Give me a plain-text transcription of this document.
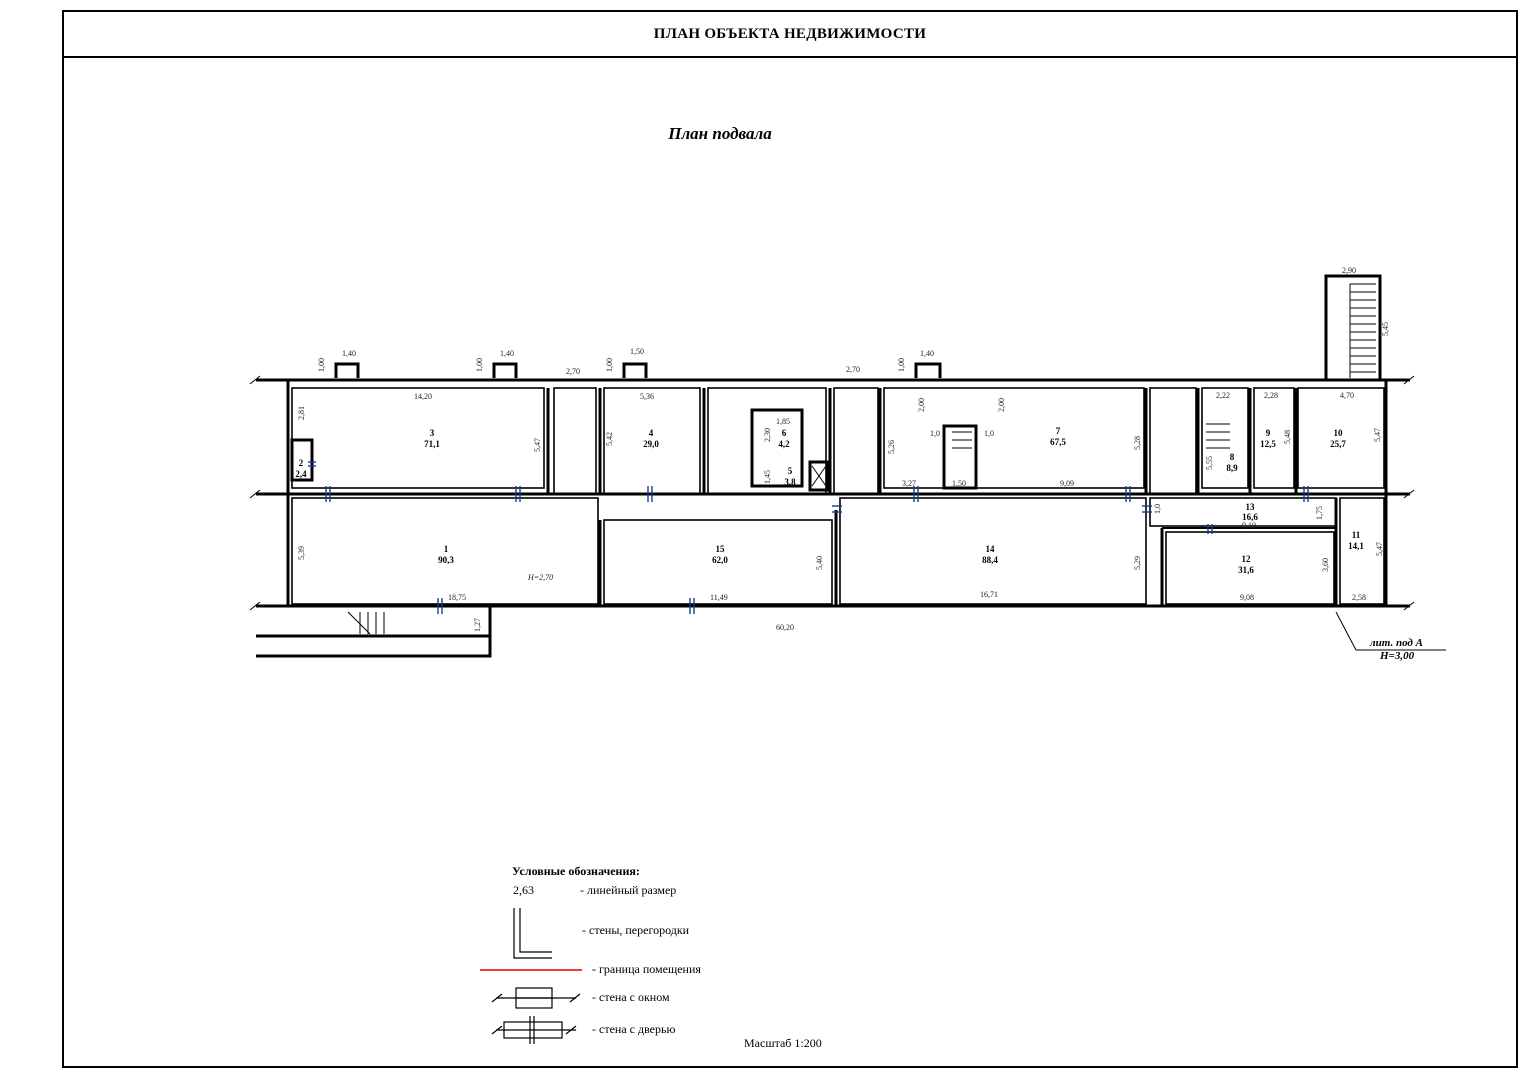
ПЛАН ОБЪЕКТА НЕДВИЖИМОСТИ
План подвала
1
90,3
2
2,4
3
71,1
4
29,0
5
3,8
6
4,2
7
67,5
8
8,9
9
12,5
10
25,7
11
14,1
12
31,6
13
16,6
14
88,4
15
62,0
1,40
1,00
1,40
1,00
1,50
1,00
2,70	2,70
1,40
1,00
2,90
5,45
14,20	5,36
2,81
5,47	5,42
1,85
2,30
1,45
2,00	2,00
1,0	1,0
5,26
3,27	1,50	9,09
5,28
2,22
5,55
2,28
5,48
4,70
5,47
1,0	1,75
9,10
5,39
H=2,70
18,75
1,27
11,49
5,40
16,71
5,29	3,60
9,08	2,58
5,47
60,20
лит. под А
H=3,00
Условные обозначения:
2,63	- линейный размер
- стены, перегородки
- граница помещения
- стена с окном
- стена с дверью
Масштаб 1:200
